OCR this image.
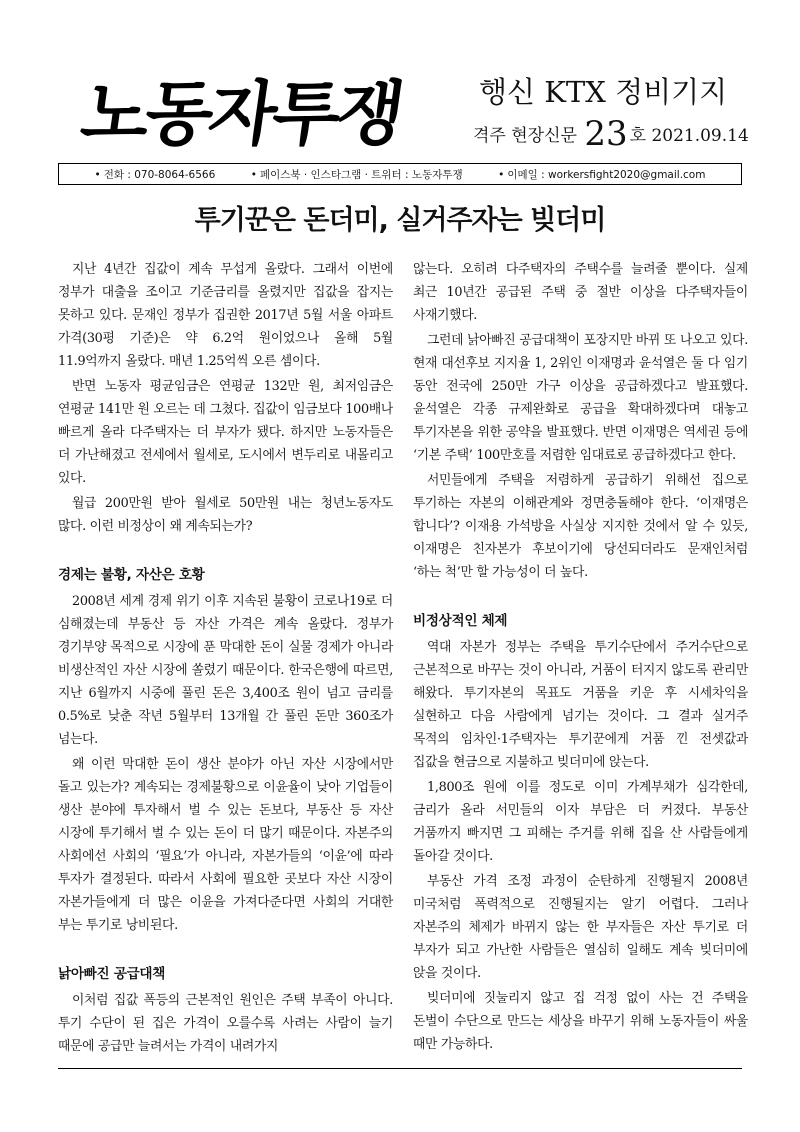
노동자투쟁	행신 KTX 정비기지
격주 현장신문 23 호 2021.09.14
• 전화 : 070-8064-6566	• 페이스북 · 인스타그램 · 트위터 : 노동자투쟁	• 이메일 : workersfight2020@gmail.com
투기꾼은 돈더미, 실거주자는 빚더미

지난 4년간 집값이 계속 무섭게 올랐다. 그래서 이번에 정부가 대출을 조이고 기준금리를 올렸지만 집값을 잡지는 못하고 있다. 문재인 정부가 집권한 2017년 5월 서울 아파트 가격(30평 기준)은 약 6.2억 원이었으나 올해 5월 11.9억까지 올랐다. 매년 1.25억씩 오른 셈이다.

반면 노동자 평균임금은 연평균 132만 원, 최저임금은 연평균 141만 원 오르는 데 그쳤다. 집값이 임금보다 100배나 빠르게 올라 다주택자는 더 부자가 됐다. 하지만 노동자들은 더 가난해졌고 전세에서 월세로, 도시에서 변두리로 내몰리고 있다.

월급 200만원 받아 월세로 50만원 내는 청년노동자도 많다. 이런 비정상이 왜 계속되는가?

경제는 불황, 자산은 호황

2008년 세계 경제 위기 이후 지속된 불황이 코로나19로 더 심해졌는데 부동산 등 자산 가격은 계속 올랐다. 정부가 경기부양 목적으로 시장에 푼 막대한 돈이 실물 경제가 아니라 비생산적인 자산 시장에 쏠렸기 때문이다. 한국은행에 따르면, 지난 6월까지 시중에 풀린 돈은 3,400조 원이 넘고 금리를 0.5%로 낮춘 작년 5월부터 13개월 간 풀린 돈만 360조가 넘는다.

왜 이런 막대한 돈이 생산 분야가 아닌 자산 시장에서만 돌고 있는가? 계속되는 경제불황으로 이윤율이 낮아 기업들이 생산 분야에 투자해서 벌 수 있는 돈보다, 부동산 등 자산 시장에 투기해서 벌 수 있는 돈이 더 많기 때문이다. 자본주의 사회에선 사회의 ‘필요’가 아니라, 자본가들의 ‘이윤’에 따라 투자가 결정된다. 따라서 사회에 필요한 곳보다 자산 시장이 자본가들에게 더 많은 이윤을 가져다준다면 사회의 거대한 부는 투기로 낭비된다.

낡아빠진 공급대책

이처럼 집값 폭등의 근본적인 원인은 주택 부족이 아니다. 투기 수단이 된 집은 가격이 오를수록 사려는 사람이 늘기 때문에 공급만 늘려서는 가격이 내려가지

않는다. 오히려 다주택자의 주택수를 늘려줄 뿐이다. 실제 최근 10년간 공급된 주택 중 절반 이상을 다주택자들이 사재기했다.

그런데 낡아빠진 공급대책이 포장지만 바뀌 또 나오고 있다. 현재 대선후보 지지율 1, 2위인 이재명과 윤석열은 둘 다 임기 동안 전국에 250만 가구 이상을 공급하겠다고 발표했다. 윤석열은 각종 규제완화로 공급을 확대하겠다며 대놓고 투기자본을 위한 공약을 발표했다. 반면 이재명은 역세권 등에 ‘기본 주택’ 100만호를 저렴한 임대료로 공급하겠다고 한다.

서민들에게 주택을 저렴하게 공급하기 위해선 집으로 투기하는 자본의 이해관계와 정면충돌해야 한다. ‘이재명은 합니다’? 이재용 가석방을 사실상 지지한 것에서 알 수 있듯, 이재명은 친자본가 후보이기에 당선되더라도 문재인처럼 ‘하는 척’만 할 가능성이 더 높다.

비정상적인 체제

역대 자본가 정부는 주택을 투기수단에서 주거수단으로 근본적으로 바꾸는 것이 아니라, 거품이 터지지 않도록 관리만 해왔다. 투기자본의 목표도 거품을 키운 후 시세차익을 실현하고 다음 사람에게 넘기는 것이다. 그 결과 실거주 목적의 임차인·1주택자는 투기꾼에게 거품 낀 전셋값과 집값을 현금으로 지불하고 빚더미에 앉는다.

1,800조 원에 이를 정도로 이미 가계부채가 심각한데, 금리가 올라 서민들의 이자 부담은 더 커졌다. 부동산 거품까지 빠지면 그 피해는 주거를 위해 집을 산 사람들에게 돌아갈 것이다.

부동산 가격 조정 과정이 순탄하게 진행될지 2008년 미국처럼 폭력적으로 진행될지는 알기 어렵다. 그러나 자본주의 체제가 바뀌지 않는 한 부자들은 자산 투기로 더 부자가 되고 가난한 사람들은 열심히 일해도 계속 빚더미에 앉을 것이다.

빚더미에 짓눌리지 않고 집 걱정 없이 사는 건 주택을 돈벌이 수단으로 만드는 세상을 바꾸기 위해 노동자들이 싸울 때만 가능하다.
